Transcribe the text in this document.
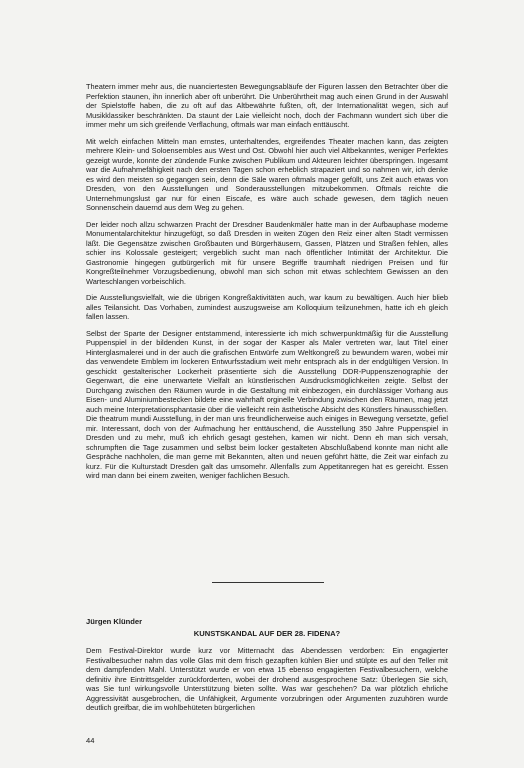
Theatern immer mehr aus, die nuanciertesten Bewegungsabläufe der Figuren lassen den Betrachter über die Perfektion staunen, ihn innerlich aber oft unberührt. Die Unberührtheit mag auch einen Grund in der Auswahl der Spielstoffe haben, die zu oft auf das Altbewährte fußten, oft, der Internationalität wegen, sich auf Musikklassiker beschränkten. Da staunt der Laie vielleicht noch, doch der Fachmann wundert sich über die immer mehr um sich greifende Verflachung, oftmals war man einfach enttäuscht.

Mit welch einfachen Mitteln man ernstes, unterhaltendes, ergreifendes Theater machen kann, das zeigten mehrere Klein- und Soloensembles aus West und Ost. Obwohl hier auch viel Altbekanntes, weniger Perfektes gezeigt wurde, konnte der zündende Funke zwischen Publikum und Akteuren leichter überspringen. Ingesamt war die Aufnahmefähigkeit nach den ersten Tagen schon erheblich strapaziert und so nahmen wir, ich denke es wird den meisten so gegangen sein, denn die Säle waren oftmals mager gefüllt, uns Zeit auch etwas von Dresden, von den Ausstellungen und Sonderausstellungen mitzubekommen. Oftmals reichte die Unternehmungslust gar nur für einen Eiscafe, es wäre auch schade gewesen, dem täglich neuen Sonnenschein dauernd aus dem Weg zu gehen.

Der leider noch allzu schwarzen Pracht der Dresdner Baudenkmäler hatte man in der Aufbauphase moderne Monumentalarchitektur hinzugefügt, so daß Dresden in weiten Zügen den Reiz einer alten Stadt vermissen läßt. Die Gegensätze zwischen Großbauten und Bürgerhäusern, Gassen, Plätzen und Straßen fehlen, alles schier ins Kolossale gesteigert; vergeblich sucht man nach öffentlicher Intimität der Architektur. Die Gastronomie hingegen gutbürgerlich mit für unsere Begriffe traumhaft niedrigen Preisen und für Kongreßteilnehmer Vorzugsbedienung, obwohl man sich schon mit etwas schlechtem Gewissen an den Warteschlangen vorbeischlich.

Die Ausstellungsvielfalt, wie die übrigen Kongreßaktivitäten auch, war kaum zu bewältigen. Auch hier blieb alles Teilansicht. Das Vorhaben, zumindest auszugsweise am Kolloquium teilzunehmen, hatte ich eh gleich fallen lassen.

Selbst der Sparte der Designer entstammend, interessierte ich mich schwerpunktmäßig für die Ausstellung Puppenspiel in der bildenden Kunst, in der sogar der Kasper als Maler vertreten war, laut Titel einer Hinterglasmalerei und in der auch die grafischen Entwürfe zum Weltkongreß zu bewundern waren, wobei mir das verwendete Emblem im lockeren Entwurfsstadium weit mehr entsprach als in der endgültigen Version. In geschickt gestalterischer Lockerheit präsentierte sich die Ausstellung DDR-Puppenszenographie der Gegenwart, die eine unerwartete Vielfalt an künstlerischen Ausdrucksmöglichkeiten zeigte. Selbst der Durchgang zwischen den Räumen wurde in die Gestaltung mit einbezogen, ein durchlässiger Vorhang aus Eisen- und Aluminiumbestecken bildete eine wahrhaft orginelle Verbindung zwischen den Räumen, mag jetzt auch meine Interpretationsphantasie über die vielleicht rein ästhetische Absicht des Künstlers hinausschießen. Die theatrum mundi Ausstellung, in der man uns freundlicherweise auch einiges in Bewegung versetzte, gefiel mir. Interessant, doch von der Aufmachung her enttäuschend, die Ausstellung 350 Jahre Puppenspiel in Dresden und zu mehr, muß ich ehrlich gesagt gestehen, kamen wir nicht. Denn eh man sich versah, schrumpften die Tage zusammen und selbst beim locker gestalteten Abschlußabend konnte man nicht alle Gespräche nachholen, die man gerne mit Bekannten, alten und neuen geführt hätte, die Zeit war einfach zu kurz. Für die Kulturstadt Dresden galt das umsomehr. Allenfalls zum Appetitanregen hat es gereicht. Essen wird man dann bei einem zweiten, weniger fachlichen Besuch.

Jürgen Klünder
KUNSTSKANDAL AUF DER 28. FIDENA?

Dem Festival-Direktor wurde kurz vor Mitternacht das Abendessen verdorben: Ein engagierter Festivalbesucher nahm das volle Glas mit dem frisch gezapften kühlen Bier und stülpte es auf den Teller mit dem dampfenden Mahl. Unterstützt wurde er von etwa 15 ebenso engagierten Festivalbesuchern, welche definitiv ihre Eintrittsgelder zurückforderten, wobei der drohend ausgesprochene Satz: Überlegen Sie sich, was Sie tun! wirkungsvolle Unterstützung bieten sollte. Was war geschehen? Da war plötzlich ehrliche Aggressivität ausgebrochen, die Unfähigkeit, Argumente vorzubringen oder Argumenten zuzuhören wurde deutlich greifbar, die im wohlbehüteten bürgerlichen

44
